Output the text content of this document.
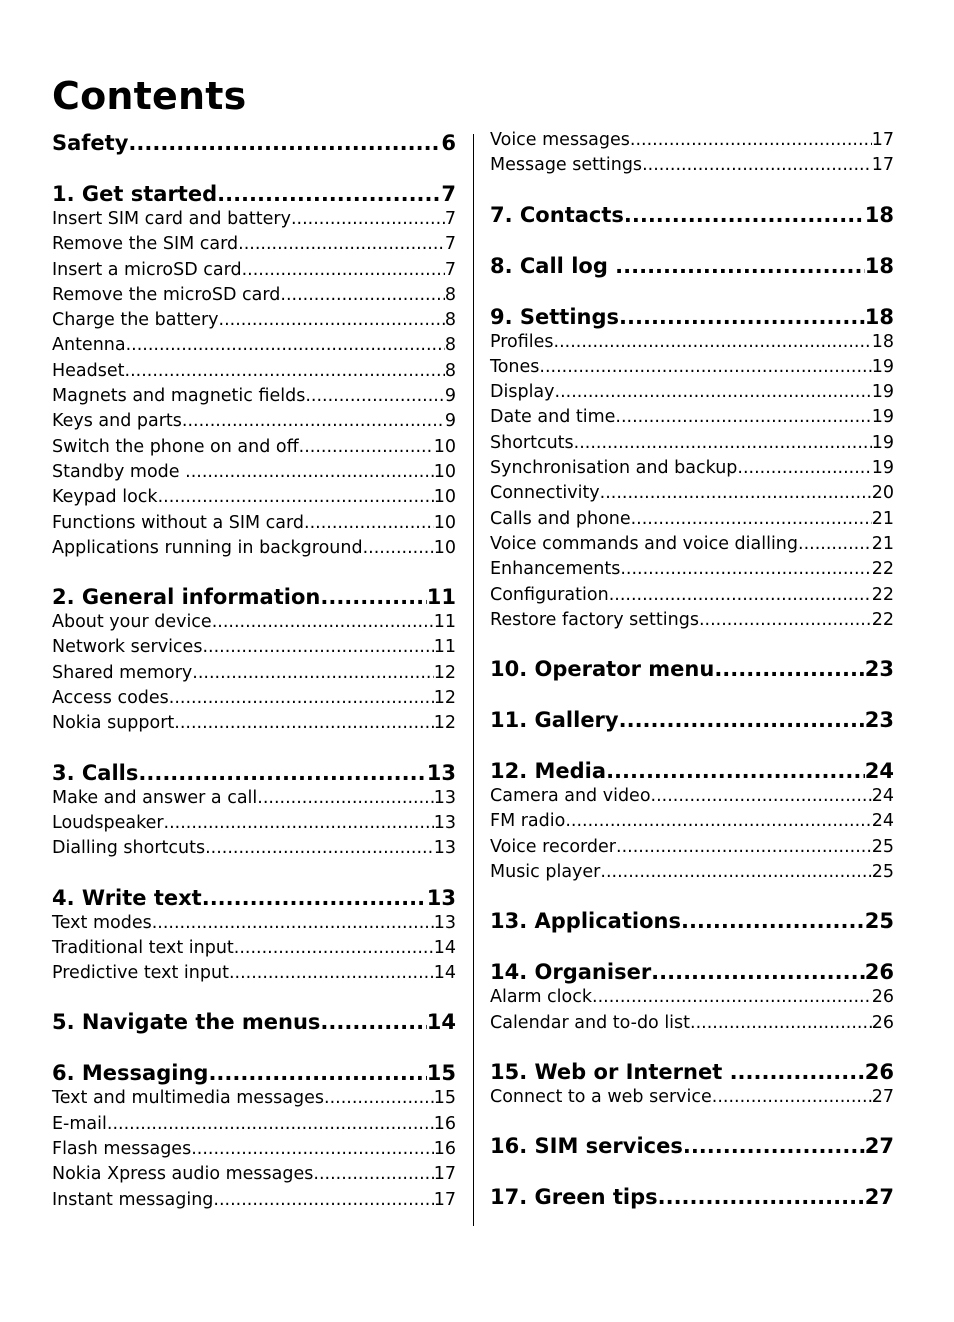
Contents
Safety .....	6
1. Get started .....	7
Insert SIM card and battery .....	7
Remove the SIM card .....	7
Insert a microSD card .....	7
Remove the microSD card .....	8
Charge the battery .....	8
Antenna .....	8
Headset .....	8
Magnets and magnetic fields .....	9
Keys and parts .....	9
Switch the phone on and off .....	10
Standby mode .....	10
Keypad lock .....	10
Functions without a SIM card .....	10
Applications running in background .....	10
2. General information .....	11
About your device .....	11
Network services .....	11
Shared memory .....	12
Access codes .....	12
Nokia support .....	12
3. Calls .....	13
Make and answer a call .....	13
Loudspeaker .....	13
Dialling shortcuts .....	13
4. Write text .....	13
Text modes .....	13
Traditional text input .....	14
Predictive text input .....	14
5. Navigate the menus .....	14
6. Messaging .....	15
Text and multimedia messages .....	15
E-mail .....	16
Flash messages .....	16
Nokia Xpress audio messages .....	17
Instant messaging .....	17
Voice messages .....	17
Message settings .....	17
7. Contacts .....	18
8. Call log .....	18
9. Settings .....	18
Profiles .....	18
Tones .....	19
Display .....	19
Date and time .....	19
Shortcuts .....	19
Synchronisation and backup .....	19
Connectivity .....	20
Calls and phone .....	21
Voice commands and voice dialling .....	21
Enhancements .....	22
Configuration .....	22
Restore factory settings .....	22
10. Operator menu .....	23
11. Gallery .....	23
12. Media .....	24
Camera and video .....	24
FM radio .....	24
Voice recorder .....	25
Music player .....	25
13. Applications .....	25
14. Organiser .....	26
Alarm clock .....	26
Calendar and to-do list .....	26
15. Web or Internet .....	26
Connect to a web service .....	27
16. SIM services .....	27
17. Green tips .....	27
